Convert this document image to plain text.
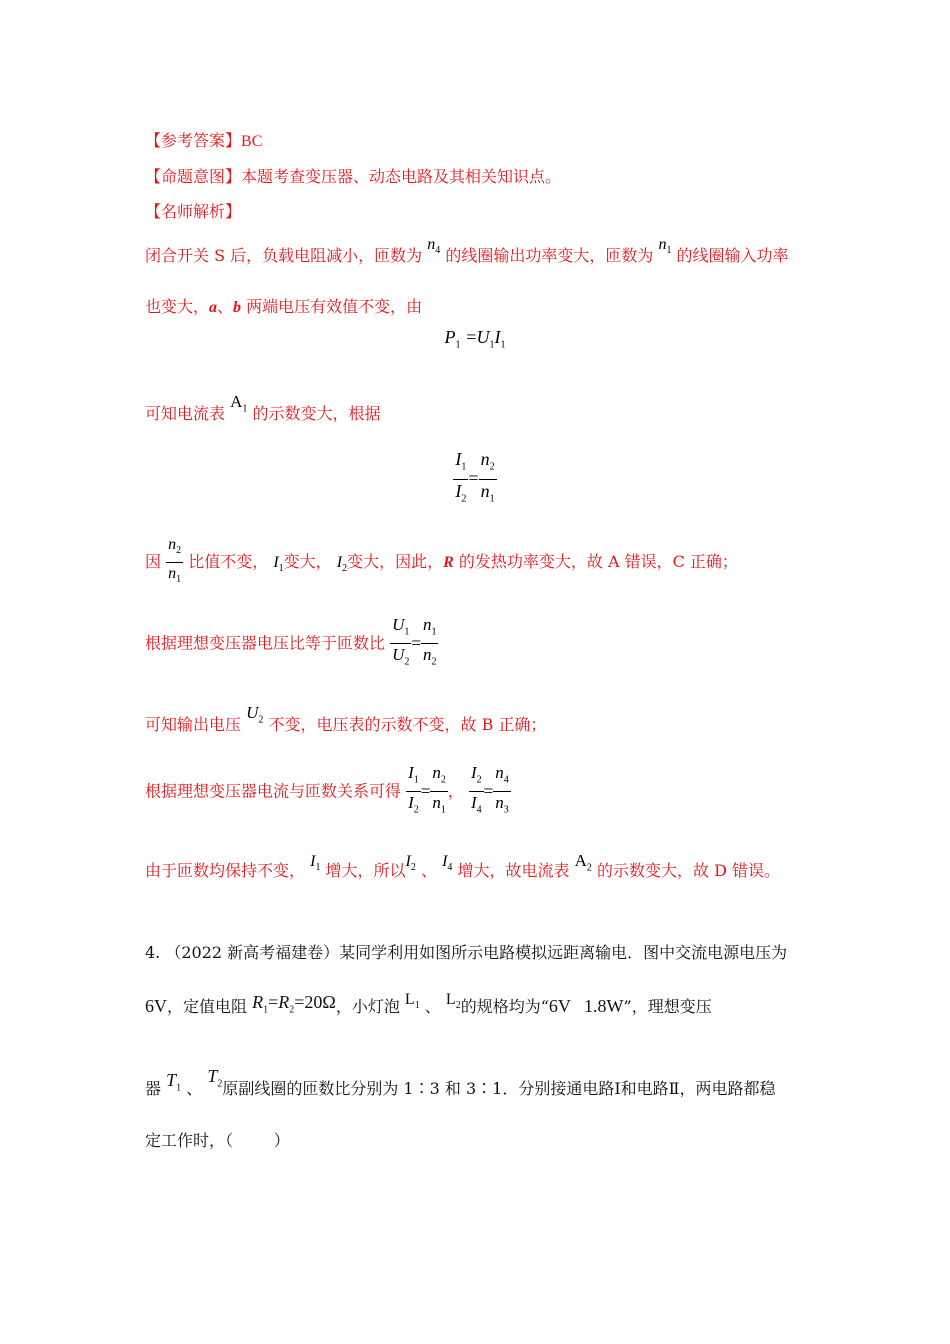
【参考答案】BC
【命题意图】本题考查变压器、动态电路及其相关知识点。
【名师解析】
闭合开关 S 后，负载电阻减小，匝数为 $n_4$ 的线圈输出功率变大，匝数为 $n_1$ 的线圈输入功率
也变大，a、b 两端电压有效值不变，由
$P_1 =U_1I_1$
可知电流表 $A_1$ 的示数变大，根据
$\frac{I_1}{I_2} = \frac{n_2}{n_1}$
因 $\frac{n_2}{n_1}$ 比值不变， $I_1$变大， $I_2$变大，因此，R 的发热功率变大，故 A 错误，C 正确；
根据理想变压器电压比等于匝数比 $\frac{U_1}{U_2} = \frac{n_1}{n_2}$
可知输出电压 $U_2$ 不变，电压表的示数不变，故 B 正确；
根据理想变压器电流与匝数关系可得 $\frac{I_1}{I_2} = \frac{n_2}{n_1}$ ， $\frac{I_2}{I_4} = \frac{n_4}{n_3}$
由于匝数均保持不变， $I_1$ 增大，所以$I_2$ 、 $I_4$ 增大，故电流表 $A_2$ 的示数变大，故 D 错误。
4. （2022 新高考福建卷）某同学利用如图所示电路模拟远距离输电．图中交流电源电压为
6V，定值电阻 $R_1=R_2=20\Omega$，小灯泡 $L_1$ 、 $L_2$的规格均为“6V   1.8W”，理想变压
器 $T_1$ 、 $T_2$原副线圈的匝数比分别为 1∶3 和 3∶1．分别接通电路Ⅰ和电路Ⅱ，两电路都稳
定工作时，（        ）
